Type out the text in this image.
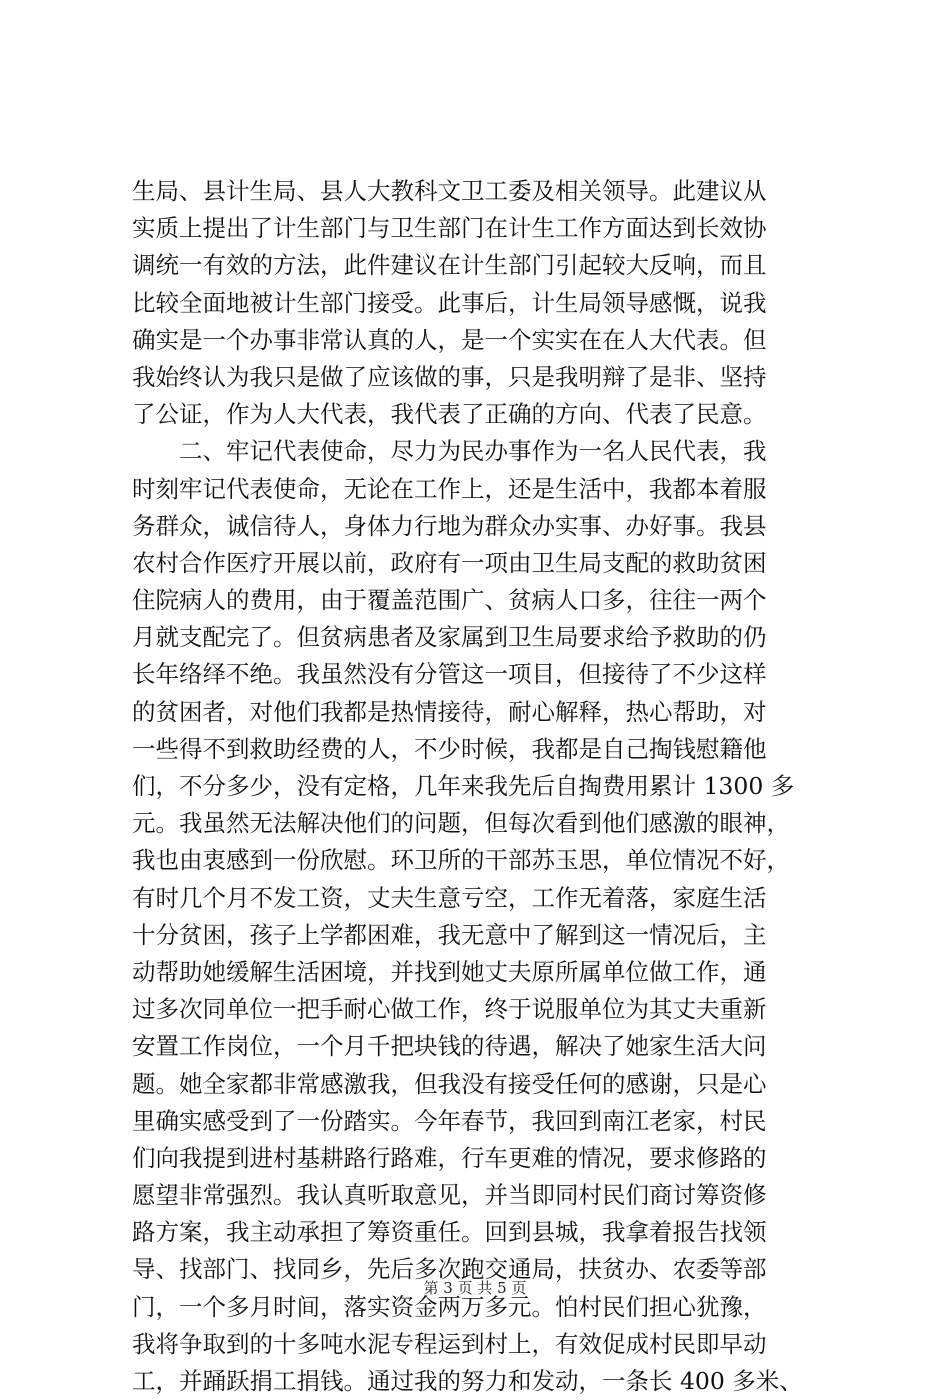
生局、县计生局、县人大教科文卫工委及相关领导。此建议从
实质上提出了计生部门与卫生部门在计生工作方面达到长效协
调统一有效的方法，此件建议在计生部门引起较大反响，而且
比较全面地被计生部门接受。此事后，计生局领导感慨，说我
确实是一个办事非常认真的人，是一个实实在在人大代表。但
我始终认为我只是做了应该做的事，只是我明辩了是非、坚持
了公证，作为人大代表，我代表了正确的方向、代表了民意。
　　二、牢记代表使命，尽力为民办事作为一名人民代表，我
时刻牢记代表使命，无论在工作上，还是生活中，我都本着服
务群众，诚信待人，身体力行地为群众办实事、办好事。我县
农村合作医疗开展以前，政府有一项由卫生局支配的救助贫困
住院病人的费用，由于覆盖范围广、贫病人口多，往往一两个
月就支配完了。但贫病患者及家属到卫生局要求给予救助的仍
长年络绎不绝。我虽然没有分管这一项目，但接待了不少这样
的贫困者，对他们我都是热情接待，耐心解释，热心帮助，对
一些得不到救助经费的人，不少时候，我都是自己掏钱慰籍他
们，不分多少，没有定格，几年来我先后自掏费用累计 1300 多
元。我虽然无法解决他们的问题，但每次看到他们感激的眼神，
我也由衷感到一份欣慰。环卫所的干部苏玉思，单位情况不好，
有时几个月不发工资，丈夫生意亏空，工作无着落，家庭生活
十分贫困，孩子上学都困难，我无意中了解到这一情况后，主
动帮助她缓解生活困境，并找到她丈夫原所属单位做工作，通
过多次同单位一把手耐心做工作，终于说服单位为其丈夫重新
安置工作岗位，一个月千把块钱的待遇，解决了她家生活大问
题。她全家都非常感激我，但我没有接受任何的感谢，只是心
里确实感受到了一份踏实。今年春节，我回到南江老家，村民
们向我提到进村基耕路行路难，行车更难的情况，要求修路的
愿望非常强烈。我认真听取意见，并当即同村民们商讨筹资修
路方案，我主动承担了筹资重任。回到县城，我拿着报告找领
导、找部门、找同乡，先后多次跑交通局，扶贫办、农委等部
门，一个多月时间，落实资金两万多元。怕村民们担心犹豫，
我将争取到的十多吨水泥专程运到村上，有效促成村民即早动
工，并踊跃捐工捐钱。通过我的努力和发动，一条长 400 多米、
第 3 页 共 5 页
